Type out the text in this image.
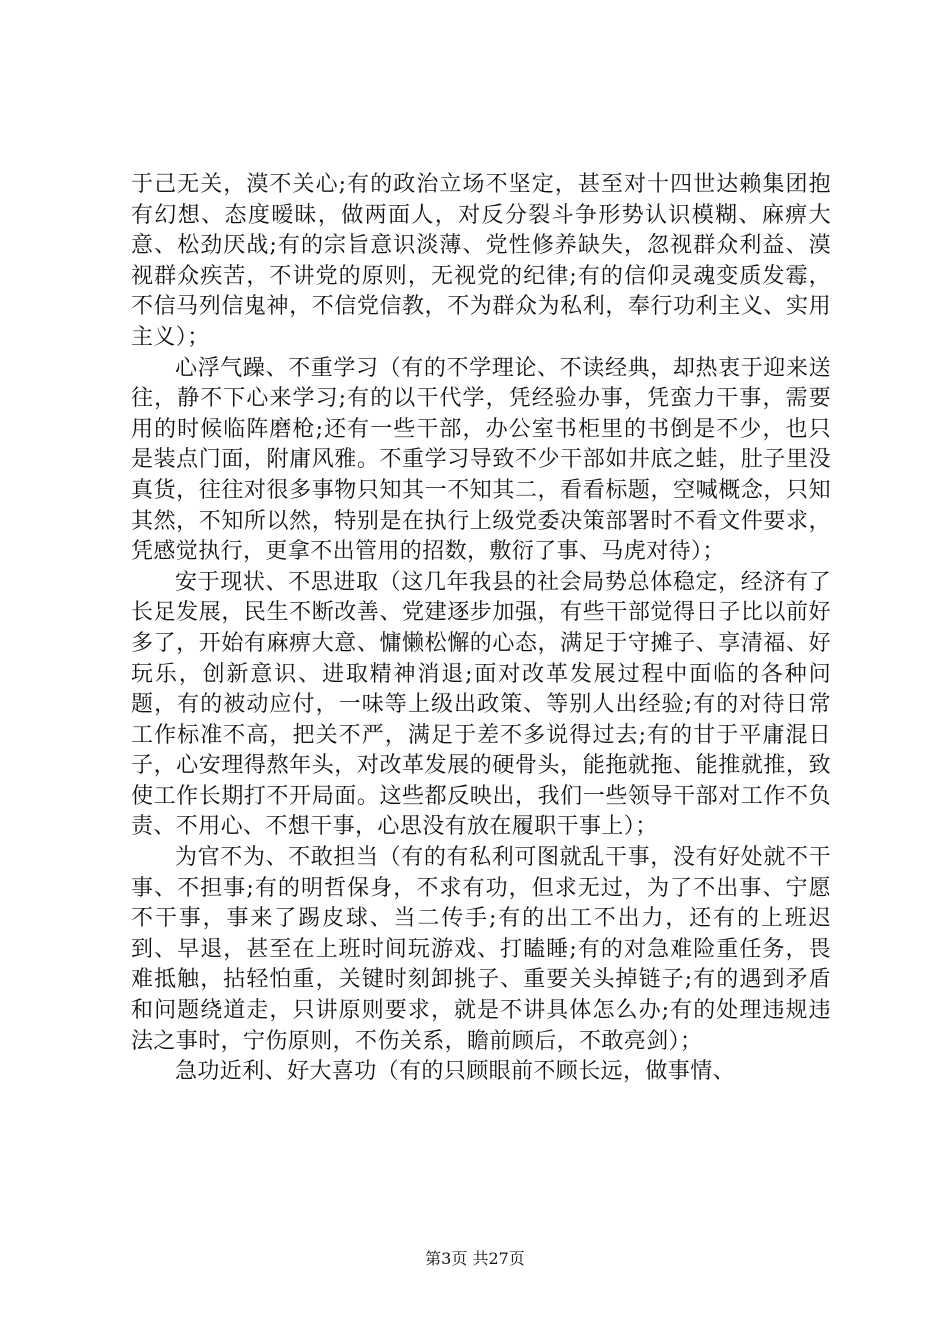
于己无关，漠不关心;有的政治立场不坚定，甚至对十四世达赖集团抱有幻想、态度暧昧，做两面人，对反分裂斗争形势认识模糊、麻痹大意、松劲厌战;有的宗旨意识淡薄、党性修养缺失，忽视群众利益、漠视群众疾苦，不讲党的原则，无视党的纪律;有的信仰灵魂变质发霉，不信马列信鬼神，不信党信教，不为群众为私利，奉行功利主义、实用主义）；

心浮气躁、不重学习（有的不学理论、不读经典，却热衷于迎来送往，静不下心来学习;有的以干代学，凭经验办事，凭蛮力干事，需要用的时候临阵磨枪;还有一些干部，办公室书柜里的书倒是不少，也只是装点门面，附庸风雅。不重学习导致不少干部如井底之蛙，肚子里没真货，往往对很多事物只知其一不知其二，看看标题，空喊概念，只知其然，不知所以然，特别是在执行上级党委决策部署时不看文件要求，凭感觉执行，更拿不出管用的招数，敷衍了事、马虎对待）；

安于现状、不思进取（这几年我县的社会局势总体稳定，经济有了长足发展，民生不断改善、党建逐步加强，有些干部觉得日子比以前好多了，开始有麻痹大意、慵懒松懈的心态，满足于守摊子、享清福、好玩乐，创新意识、进取精神消退;面对改革发展过程中面临的各种问题，有的被动应付，一味等上级出政策、等别人出经验;有的对待日常工作标准不高，把关不严，满足于差不多说得过去;有的甘于平庸混日子，心安理得熬年头，对改革发展的硬骨头，能拖就拖、能推就推，致使工作长期打不开局面。这些都反映出，我们一些领导干部对工作不负责、不用心、不想干事，心思没有放在履职干事上）；

为官不为、不敢担当（有的有私利可图就乱干事，没有好处就不干事、不担事;有的明哲保身，不求有功，但求无过，为了不出事、宁愿不干事，事来了踢皮球、当二传手;有的出工不出力，还有的上班迟到、早退，甚至在上班时间玩游戏、打瞌睡;有的对急难险重任务，畏难抵触，拈轻怕重，关键时刻卸挑子、重要关头掉链子;有的遇到矛盾和问题绕道走，只讲原则要求，就是不讲具体怎么办;有的处理违规违法之事时，宁伤原则，不伤关系，瞻前顾后，不敢亮剑）；

急功近利、好大喜功（有的只顾眼前不顾长远，做事情、

第3页 共27页
